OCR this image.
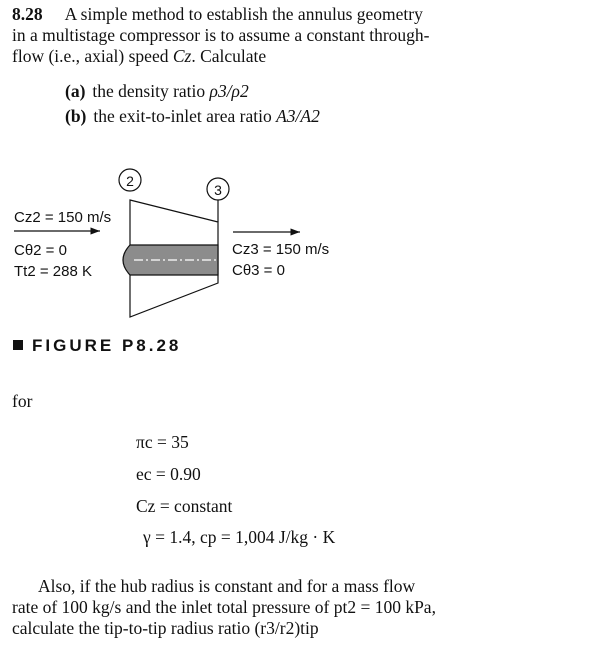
8.28 A simple method to establish the annulus geometry
in a multistage compressor is to assume a constant through-
flow (i.e., axial) speed Cz. Calculate
(a) the density ratio ρ3/ρ2
(b) the exit-to-inlet area ratio A3/A2
2
3
Cz2 = 150 m/s
Cθ2 = 0
Tt2 = 288 K
Cz3 = 150 m/s
Cθ3 = 0
FIGURE P8.28
for
πc = 35
ec = 0.90
Cz = constant
γ = 1.4, cp = 1,004 J/kg · K
Also, if the hub radius is constant and for a mass flow
rate of 100 kg/s and the inlet total pressure of pt2 = 100 kPa,
calculate the tip-to-tip radius ratio (r3/r2)tip
